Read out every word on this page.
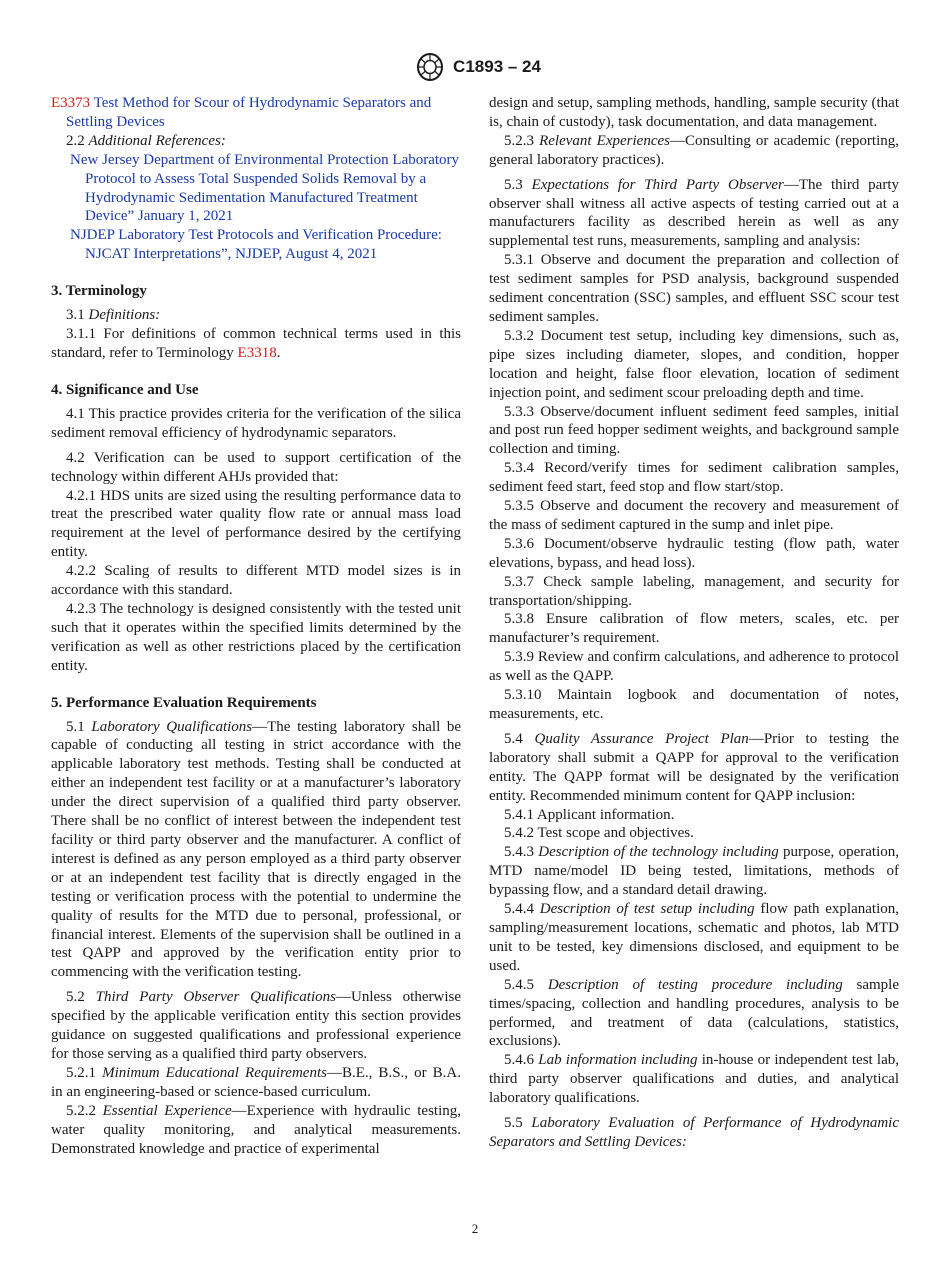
C1893 – 24

E3373 Test Method for Scour of Hydrodynamic Separators and Settling Devices

2.2 Additional References:

New Jersey Department of Environmental Protection Laboratory Protocol to Assess Total Suspended Solids Removal by a Hydrodynamic Sedimentation Manufactured Treatment Device” January 1, 2021

NJDEP Laboratory Test Protocols and Verification Procedure: NJCAT Interpretations”, NJDEP, August 4, 2021

3. Terminology

3.1 Definitions:

3.1.1 For definitions of common technical terms used in this standard, refer to Terminology E3318.

4. Significance and Use

4.1 This practice provides criteria for the verification of the silica sediment removal efficiency of hydrodynamic separators.

4.2 Verification can be used to support certification of the technology within different AHJs provided that:

4.2.1 HDS units are sized using the resulting performance data to treat the prescribed water quality flow rate or annual mass load requirement at the level of performance desired by the certifying entity.

4.2.2 Scaling of results to different MTD model sizes is in accordance with this standard.

4.2.3 The technology is designed consistently with the tested unit such that it operates within the specified limits determined by the verification as well as other restrictions placed by the certification entity.

5. Performance Evaluation Requirements

5.1 Laboratory Qualifications—The testing laboratory shall be capable of conducting all testing in strict accordance with the applicable laboratory test methods. Testing shall be conducted at either an independent test facility or at a manufacturer’s laboratory under the direct supervision of a qualified third party observer. There shall be no conflict of interest between the independent test facility or third party observer and the manufacturer. A conflict of interest is defined as any person employed as a third party observer or at an independent test facility that is directly engaged in the testing or verification process with the potential to undermine the quality of results for the MTD due to personal, professional, or financial interest. Elements of the supervision shall be outlined in a test QAPP and approved by the verification entity prior to commencing with the verification testing.

5.2 Third Party Observer Qualifications—Unless otherwise specified by the applicable verification entity this section provides guidance on suggested qualifications and professional experience for those serving as a qualified third party observers.

5.2.1 Minimum Educational Requirements—B.E., B.S., or B.A. in an engineering-based or science-based curriculum.

5.2.2 Essential Experience—Experience with hydraulic testing, water quality monitoring, and analytical measurements. Demonstrated knowledge and practice of experimental

design and setup, sampling methods, handling, sample security (that is, chain of custody), task documentation, and data management.

5.2.3 Relevant Experiences—Consulting or academic (reporting, general laboratory practices).

5.3 Expectations for Third Party Observer—The third party observer shall witness all active aspects of testing carried out at a manufacturers facility as described herein as well as any supplemental test runs, measurements, sampling and analysis:

5.3.1 Observe and document the preparation and collection of test sediment samples for PSD analysis, background suspended sediment concentration (SSC) samples, and effluent SSC scour test sediment samples.

5.3.2 Document test setup, including key dimensions, such as, pipe sizes including diameter, slopes, and condition, hopper location and height, false floor elevation, location of sediment injection point, and sediment scour preloading depth and time.

5.3.3 Observe/document influent sediment feed samples, initial and post run feed hopper sediment weights, and background sample collection and timing.

5.3.4 Record/verify times for sediment calibration samples, sediment feed start, feed stop and flow start/stop.

5.3.5 Observe and document the recovery and measurement of the mass of sediment captured in the sump and inlet pipe.

5.3.6 Document/observe hydraulic testing (flow path, water elevations, bypass, and head loss).

5.3.7 Check sample labeling, management, and security for transportation/shipping.

5.3.8 Ensure calibration of flow meters, scales, etc. per manufacturer’s requirement.

5.3.9 Review and confirm calculations, and adherence to protocol as well as the QAPP.

5.3.10 Maintain logbook and documentation of notes, measurements, etc.

5.4 Quality Assurance Project Plan—Prior to testing the laboratory shall submit a QAPP for approval to the verification entity. The QAPP format will be designated by the verification entity. Recommended minimum content for QAPP inclusion:

5.4.1 Applicant information.

5.4.2 Test scope and objectives.

5.4.3 Description of the technology including purpose, operation, MTD name/model ID being tested, limitations, methods of bypassing flow, and a standard detail drawing.

5.4.4 Description of test setup including flow path explanation, sampling/measurement locations, schematic and photos, lab MTD unit to be tested, key dimensions disclosed, and equipment to be used.

5.4.5 Description of testing procedure including sample times/spacing, collection and handling procedures, analysis to be performed, and treatment of data (calculations, statistics, exclusions).

5.4.6 Lab information including in-house or independent test lab, third party observer qualifications and duties, and analytical laboratory qualifications.

5.5 Laboratory Evaluation of Performance of Hydrodynamic Separators and Settling Devices:

2
